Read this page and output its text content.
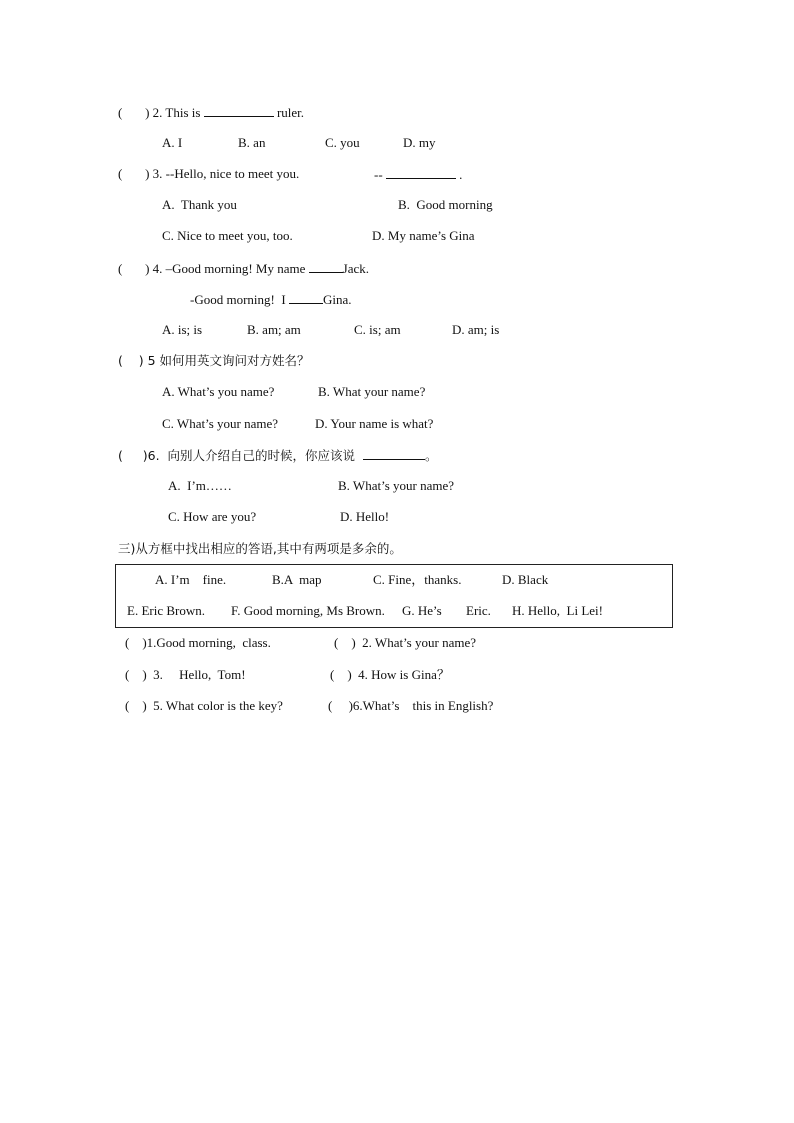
(       ) 2. This is	ruler.
A. I	B. an	C. you	D. my
(       ) 3. --Hello, nice to meet you.	--	.
A.  Thank you	B.  Good morning
C. Nice to meet you, too.	D. My name’s Gina
(       ) 4. –Good morning! My name	Jack.
-Good morning!  I	Gina.
A. is; is	B. am; am	C. is; am	D. am; is
(    ) 5 如何用英文询问对方姓名？
A. What’s you name?	B. What your name?
C. What’s your name?	D. Your name is what?
(     )6.  向别人介绍自己的时候，你应该说	。
A.  I’m……	B. What’s your name?
C. How are you?	D. Hello!
三)从方框中找出相应的答语,其中有两项是多余的。
A. I’m    fine.	B.A  map	C. Fine，thanks.	D. Black
E. Eric Brown. F. Good morning, Ms Brown. G. He’s Eric. H. Hello,  Li Lei!
(    )1.Good morning,  class.	(    )  2. What’s your name?
(    )  3.     Hello,  Tom!	(    )  4. How is Gina？
(    )  5. What color is the key?	(     )6.What’s    this in English?
